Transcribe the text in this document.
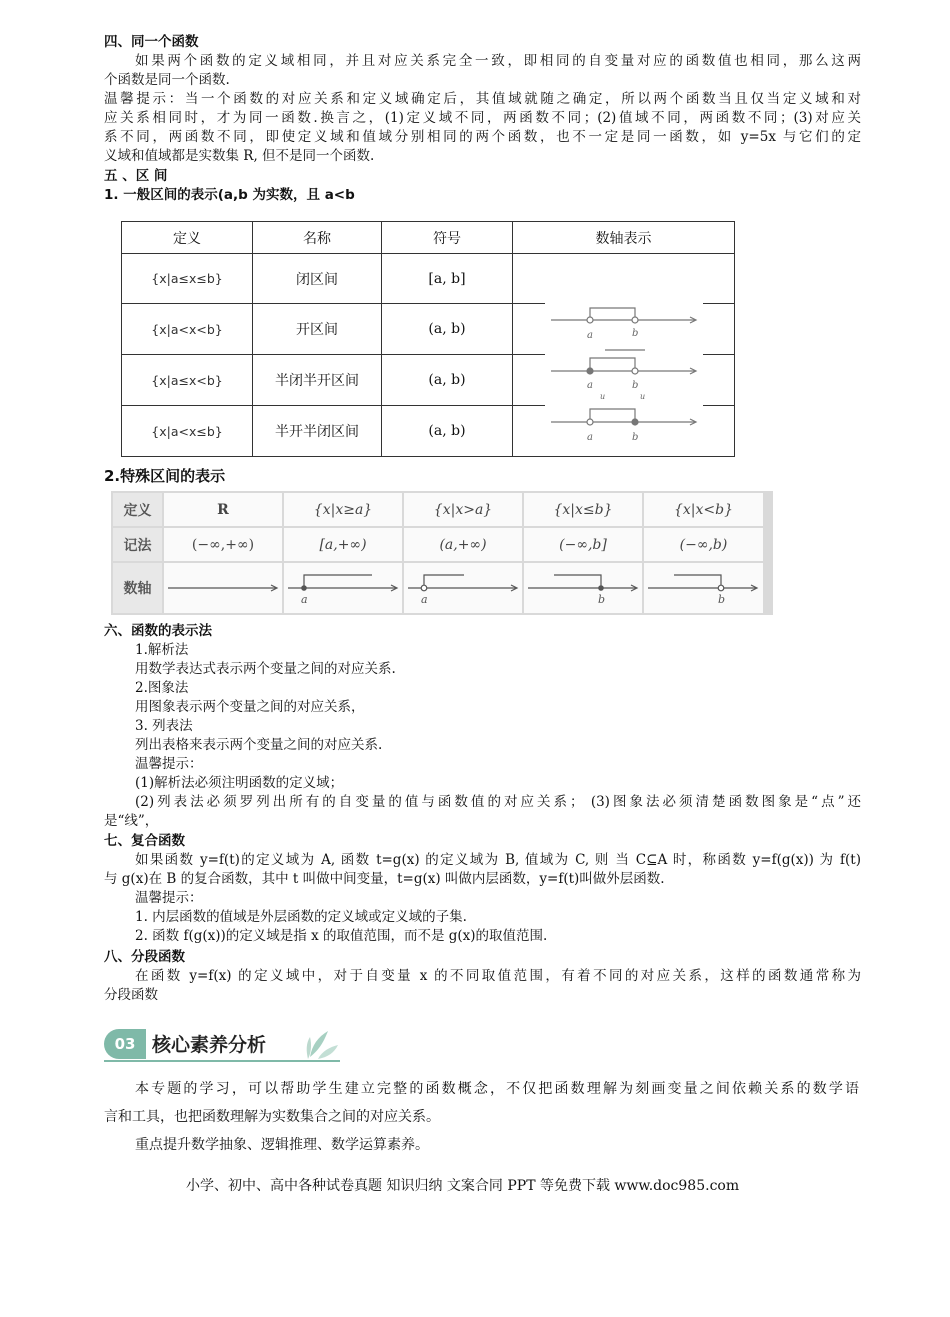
四、同一个函数
如果两个函数的定义域相同，并且对应关系完全一致，即相同的自变量对应的函数值也相同，那么这两
个函数是同一个函数.
温馨提示：当一个函数的对应关系和定义域确定后，其值域就随之确定，所以两个函数当且仅当定义域和对
应关系相同时，才为同一函数.换言之，(1)定义域不同，两函数不同；(2)值域不同，两函数不同；(3)对应关
系不同，两函数不同，即使定义域和值域分别相同的两个函数，也不一定是同一函数，如 y=5x 与它们的定
义域和值域都是实数集 R, 但不是同一个函数.
五 、区 间
1. 一般区间的表示(a,b 为实数，且 a<b
定义	名称	符号	数轴表示
{x|a≤x≤b}	闭区间	[a, b]	
{x|a<x<b}	开区间	(a, b)	
{x|a≤x<b}	半闭半开区间	(a, b)	
{x|a<x≤b}	半开半闭区间	(a, b)	
a	b
a	b
u	u
a	b
2.特殊区间的表示
定义	R	{x|x≥a}	{x|x>a}	{x|x≤b}	{x|x<b}
记法	(−∞,+∞)	[a,+∞)	(a,+∞)	(−∞,b]	(−∞,b)
数轴		a	a	b	b
六、函数的表示法
1.解析法
用数学表达式表示两个变量之间的对应关系.
2.图象法
用图象表示两个变量之间的对应关系，
3. 列表法
列出表格来表示两个变量之间的对应关系.
温馨提示：
(1)解析法必须注明函数的定义域；
(2)列表法必须罗列出所有的自变量的值与函数值的对应关系； (3)图象法必须清楚函数图象是“点”还
是“线”，
七、复合函数
如果函数 y=f(t)的定义域为 A, 函数 t=g(x) 的定义域为 B, 值域为 C, 则 当 C⊆A 时，称函数 y=f(g(x)) 为 f(t)
与 g(x)在 B 的复合函数，其中 t 叫做中间变量，t=g(x) 叫做内层函数，y=f(t)叫做外层函数.
温馨提示：
1. 内层函数的值域是外层函数的定义域或定义域的子集.
2. 函数 f(g(x))的定义域是指 x 的取值范围，而不是 g(x)的取值范围.
八、分段函数
在函数 y=f(x) 的定义域中，对于自变量 x 的不同取值范围，有着不同的对应关系，这样的函数通常称为
分段函数
03 核心素养分析
本专题的学习，可以帮助学生建立完整的函数概念，不仅把函数理解为刻画变量之间依赖关系的数学语
言和工具，也把函数理解为实数集合之间的对应关系。
重点提升数学抽象、逻辑推理、数学运算素养。
小学、初中、高中各种试卷真题 知识归纳 文案合同 PPT 等免费下载 www.doc985.com
